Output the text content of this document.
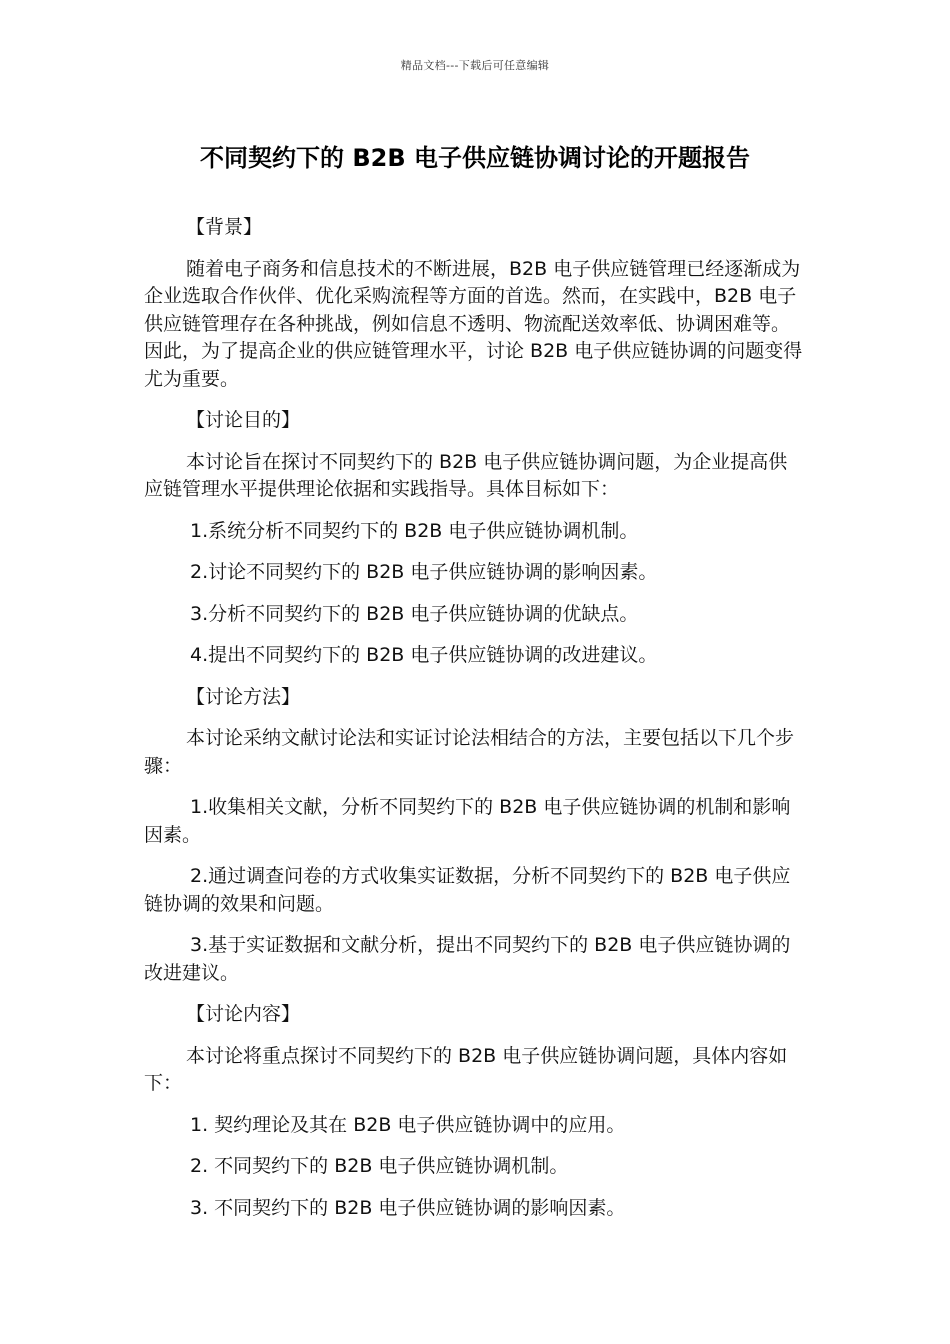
精品文档---下载后可任意编辑
不同契约下的 B2B 电子供应链协调讨论的开题报告
【背景】
随着电子商务和信息技术的不断进展，B2B 电子供应链管理已经逐渐成为企业选取合作伙伴、优化采购流程等方面的首选。然而，在实践中，B2B 电子供应链管理存在各种挑战，例如信息不透明、物流配送效率低、协调困难等。因此，为了提高企业的供应链管理水平，讨论 B2B 电子供应链协调的问题变得尤为重要。
【讨论目的】
本讨论旨在探讨不同契约下的 B2B 电子供应链协调问题，为企业提高供应链管理水平提供理论依据和实践指导。具体目标如下：
1.系统分析不同契约下的 B2B 电子供应链协调机制。
2.讨论不同契约下的 B2B 电子供应链协调的影响因素。
3.分析不同契约下的 B2B 电子供应链协调的优缺点。
4.提出不同契约下的 B2B 电子供应链协调的改进建议。
【讨论方法】
本讨论采纳文献讨论法和实证讨论法相结合的方法，主要包括以下几个步骤：
1.收集相关文献，分析不同契约下的 B2B 电子供应链协调的机制和影响因素。
2.通过调查问卷的方式收集实证数据，分析不同契约下的 B2B 电子供应链协调的效果和问题。
3.基于实证数据和文献分析，提出不同契约下的 B2B 电子供应链协调的改进建议。
【讨论内容】
本讨论将重点探讨不同契约下的 B2B 电子供应链协调问题，具体内容如下：
1. 契约理论及其在 B2B 电子供应链协调中的应用。
2. 不同契约下的 B2B 电子供应链协调机制。
3. 不同契约下的 B2B 电子供应链协调的影响因素。
